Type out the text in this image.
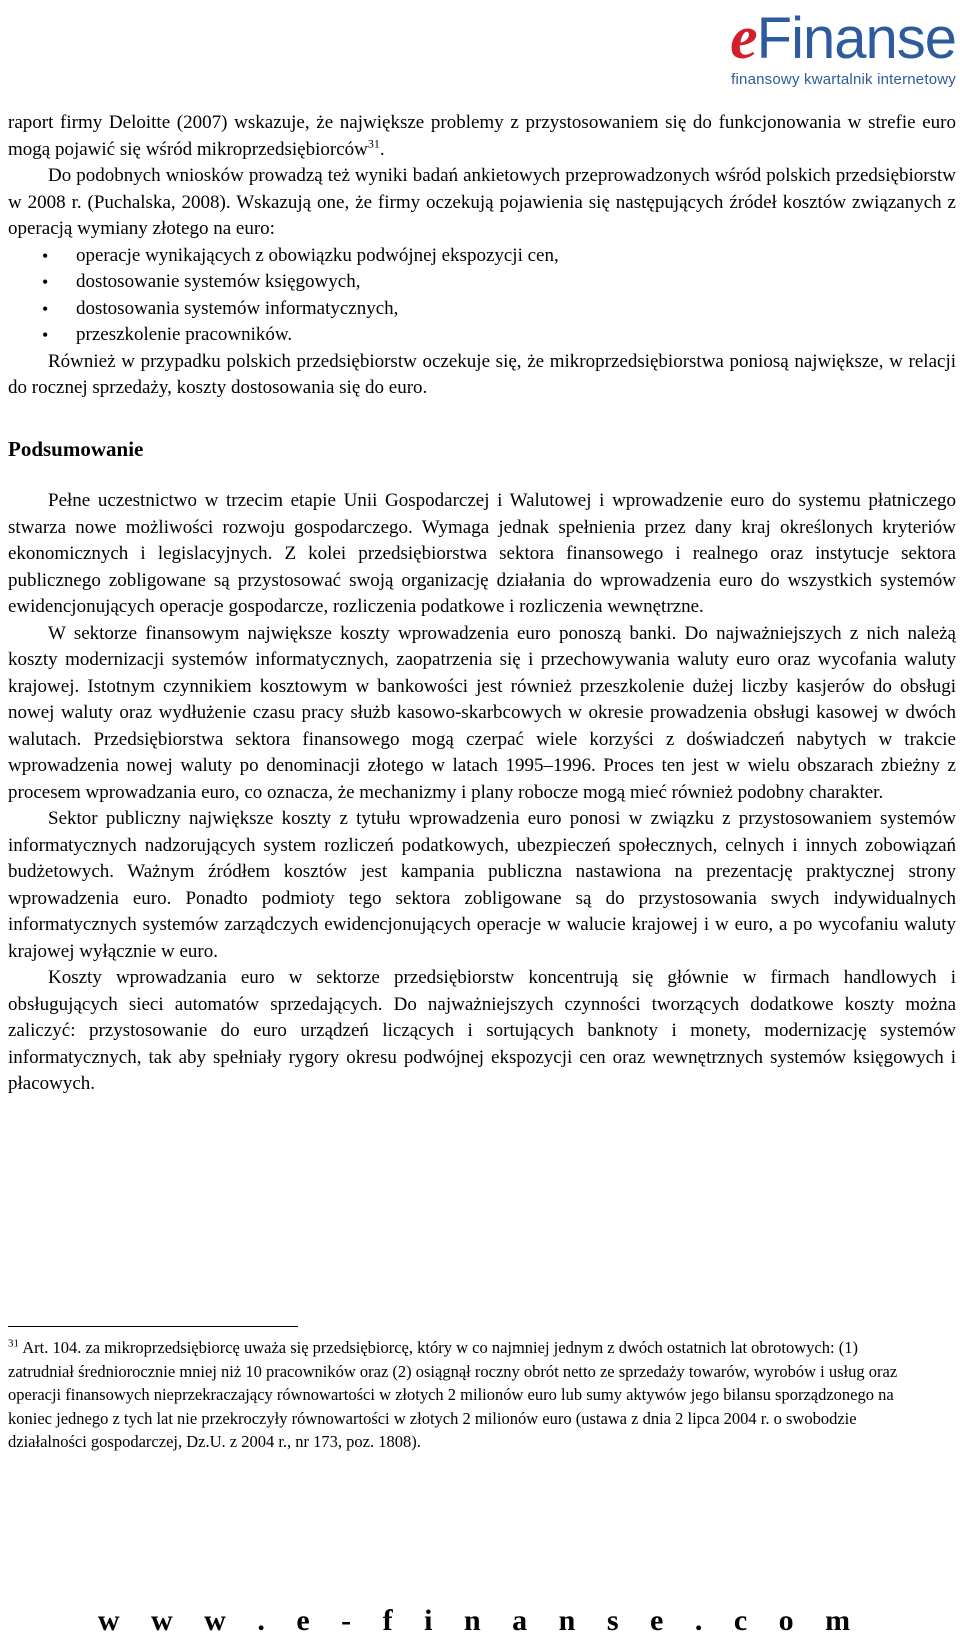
eFinanse
finansowy kwartalnik internetowy

raport firmy Deloitte (2007) wskazuje, że największe problemy z przystosowaniem się do funkcjonowania w strefie euro mogą pojawić się wśród mikroprzedsiębiorców$^{31}$.

Do podobnych wniosków prowadzą też wyniki badań ankietowych przeprowadzonych wśród polskich przedsiębiorstw w 2008 r. (Puchalska, 2008). Wskazują one, że firmy oczekują pojawienia się następujących źródeł kosztów związanych z operacją wymiany złotego na euro:

• operacje wynikających z obowiązku podwójnej ekspozycji cen,
• dostosowanie systemów księgowych,
• dostosowania systemów informatycznych,
• przeszkolenie pracowników.

Również w przypadku polskich przedsiębiorstw oczekuje się, że mikroprzedsiębiorstwa poniosą największe, w relacji do rocznej sprzedaży, koszty dostosowania się do euro.

Podsumowanie

Pełne uczestnictwo w trzecim etapie Unii Gospodarczej i Walutowej i wprowadzenie euro do systemu płatniczego stwarza nowe możliwości rozwoju gospodarczego. Wymaga jednak spełnienia przez dany kraj określonych kryteriów ekonomicznych i legislacyjnych. Z kolei przedsiębiorstwa sektora finansowego i realnego oraz instytucje sektora publicznego zobligowane są przystosować swoją organizację działania do wprowadzenia euro do wszystkich systemów ewidencjonujących operacje gospodarcze, rozliczenia podatkowe i rozliczenia wewnętrzne.

W sektorze finansowym największe koszty wprowadzenia euro ponoszą banki. Do najważniejszych z nich należą koszty modernizacji systemów informatycznych, zaopatrzenia się i przechowywania waluty euro oraz wycofania waluty krajowej. Istotnym czynnikiem kosztowym w bankowości jest również przeszkolenie dużej liczby kasjerów do obsługi nowej waluty oraz wydłużenie czasu pracy służb kasowo-skarbcowych w okresie prowadzenia obsługi kasowej w dwóch walutach. Przedsiębiorstwa sektora finansowego mogą czerpać wiele korzyści z doświadczeń nabytych w trakcie wprowadzenia nowej waluty po denominacji złotego w latach 1995–1996. Proces ten jest w wielu obszarach zbieżny z procesem wprowadzania euro, co oznacza, że mechanizmy i plany robocze mogą mieć również podobny charakter.

Sektor publiczny największe koszty z tytułu wprowadzenia euro ponosi w związku z przystosowaniem systemów informatycznych nadzorujących system rozliczeń podatkowych, ubezpieczeń społecznych, celnych i innych zobowiązań budżetowych. Ważnym źródłem kosztów jest kampania publiczna nastawiona na prezentację praktycznej strony wprowadzenia euro. Ponadto podmioty tego sektora zobligowane są do przystosowania swych indywidualnych informatycznych systemów zarządczych ewidencjonujących operacje w walucie krajowej i w euro, a po wycofaniu waluty krajowej wyłącznie w euro.

Koszty wprowadzania euro w sektorze przedsiębiorstw koncentrują się głównie w firmach handlowych i obsługujących sieci automatów sprzedających. Do najważniejszych czynności tworzących dodatkowe koszty można zaliczyć: przystosowanie do euro urządzeń liczących i sortujących banknoty i monety, modernizację systemów informatycznych, tak aby spełniały rygory okresu podwójnej ekspozycji cen oraz wewnętrznych systemów księgowych i płacowych.

$^{31}$ Art. 104. za mikroprzedsiębiorcę uważa się przedsiębiorcę, który w co najmniej jednym z dwóch ostatnich lat obrotowych: (1) zatrudniał średniorocznie mniej niż 10 pracowników oraz (2) osiągnął roczny obrót netto ze sprzedaży towarów, wyrobów i usług oraz operacji finansowych nieprzekraczający równowartości w złotych 2 milionów euro lub sumy aktywów jego bilansu sporządzonego na koniec jednego z tych lat nie przekroczyły równowartości w złotych 2 milionów euro (ustawa z dnia 2 lipca 2004 r. o swobodzie działalności gospodarczej, Dz.U. z 2004 r., nr 173, poz. 1808).
w w w . e - f i n a n s e . c o m
